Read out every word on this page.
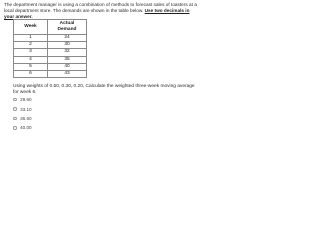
The department manager is using a combination of methods to forecast sales of toasters at a local department store. The demands are shown in the table below. Use two decimals in your answer.
Week	Actual
Demand
1	24
2	30
3	32
4	35
5	40
6	43
Using weights of 0.50, 0.30, 0.20, Calculate the weighted three-week moving average for week 6.
29.60
33.10
36.60
40.00
